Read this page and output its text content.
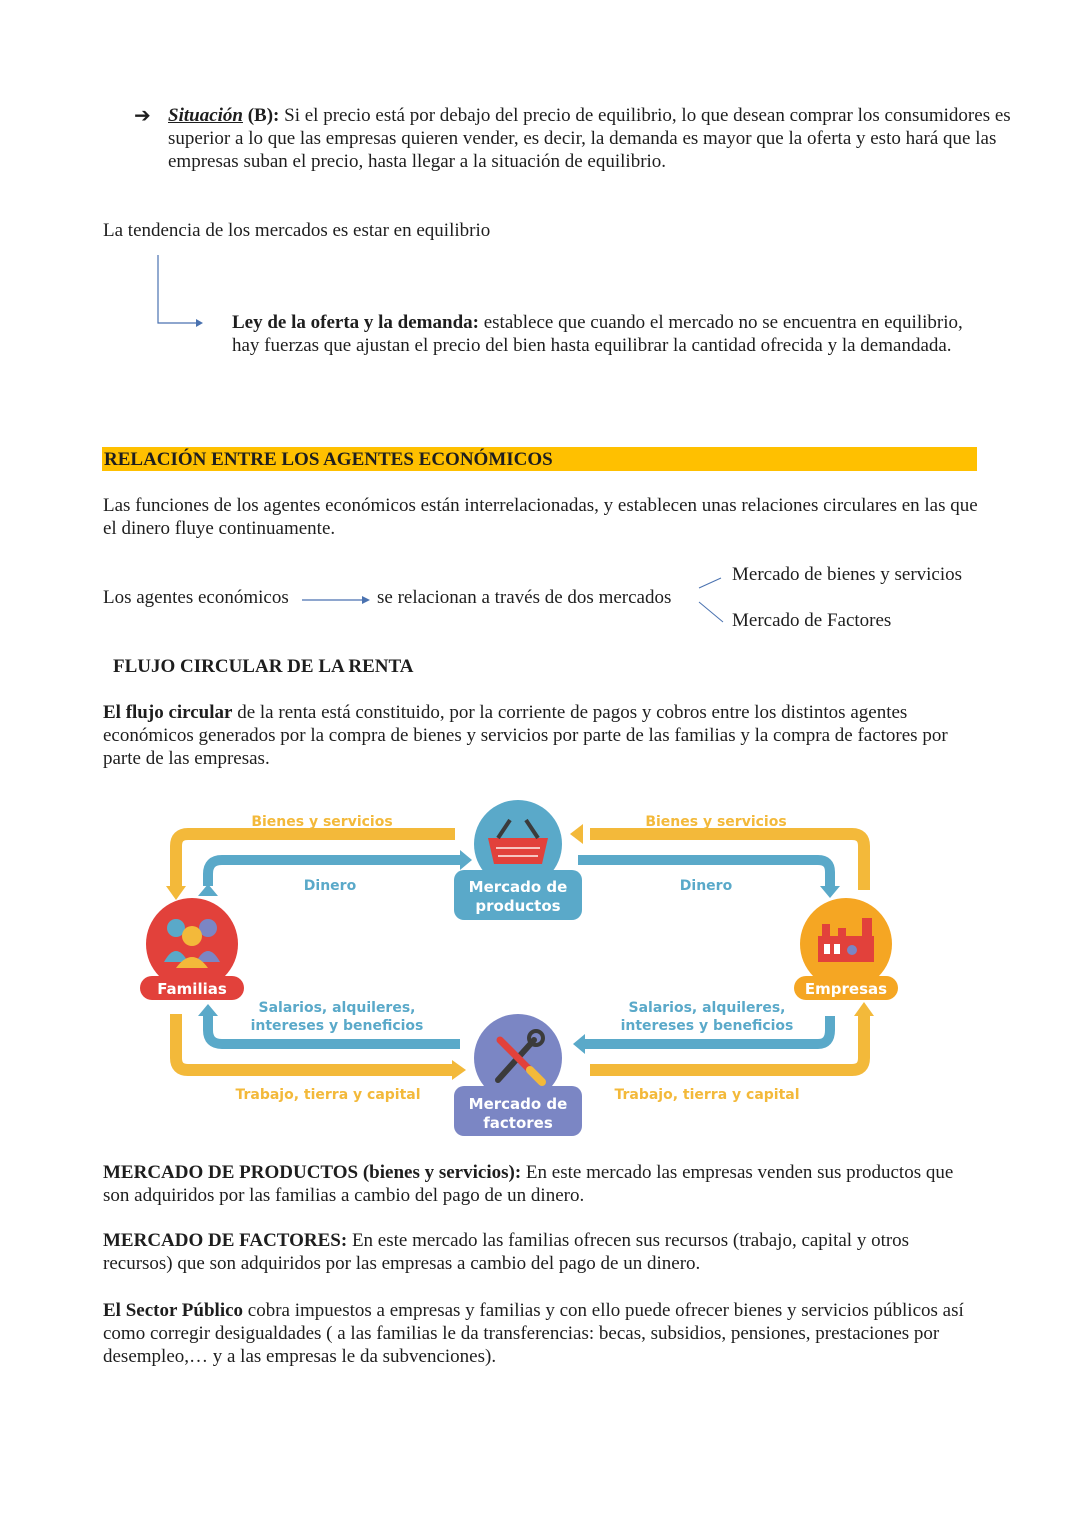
➔ Situación (B): Si el precio está por debajo del precio de equilibrio, lo que desean comprar los consumidores es superior a lo que las empresas quieren vender, es decir, la demanda es mayor que la oferta y esto hará que las empresas suban el precio, hasta llegar a la situación de equilibrio.
La tendencia de los mercados es estar en equilibrio
Ley de la oferta y la demanda: establece que cuando el mercado no se encuentra en equilibrio, hay fuerzas que ajustan el precio del bien hasta equilibrar la cantidad ofrecida y la demandada.
RELACIÓN ENTRE LOS AGENTES ECONÓMICOS
Las funciones de los agentes económicos están interrelacionadas, y establecen unas relaciones circulares en las que el dinero fluye continuamente.
Los agentes económicos	se relacionan a través de dos mercados
Mercado de bienes y servicios
Mercado de Factores
FLUJO CIRCULAR DE LA RENTA
El flujo circular de la renta está constituido, por la corriente de pagos y cobros entre los distintos agentes económicos generados por la compra de bienes y servicios por parte de las familias y la compra de factores por parte de las empresas.
Mercado de
productos
Familias	Empresas
Mercado de
factores
Bienes y servicios	Bienes y servicios
Dinero	Dinero
Salarios, alquileres,
intereses y beneficios
Salarios, alquileres,
intereses y beneficios
Trabajo, tierra y capital	Trabajo, tierra y capital
MERCADO DE PRODUCTOS (bienes y servicios): En este mercado las empresas venden sus productos que son adquiridos por las familias a cambio del pago de un dinero.
MERCADO DE FACTORES: En este mercado las familias ofrecen sus recursos (trabajo, capital y otros recursos) que son adquiridos por las empresas a cambio del pago de un dinero.
El Sector Público cobra impuestos a empresas y familias y con ello puede ofrecer bienes y servicios públicos así como corregir desigualdades ( a las familias le da transferencias: becas, subsidios, pensiones, prestaciones por desempleo,… y a las empresas le da subvenciones).
